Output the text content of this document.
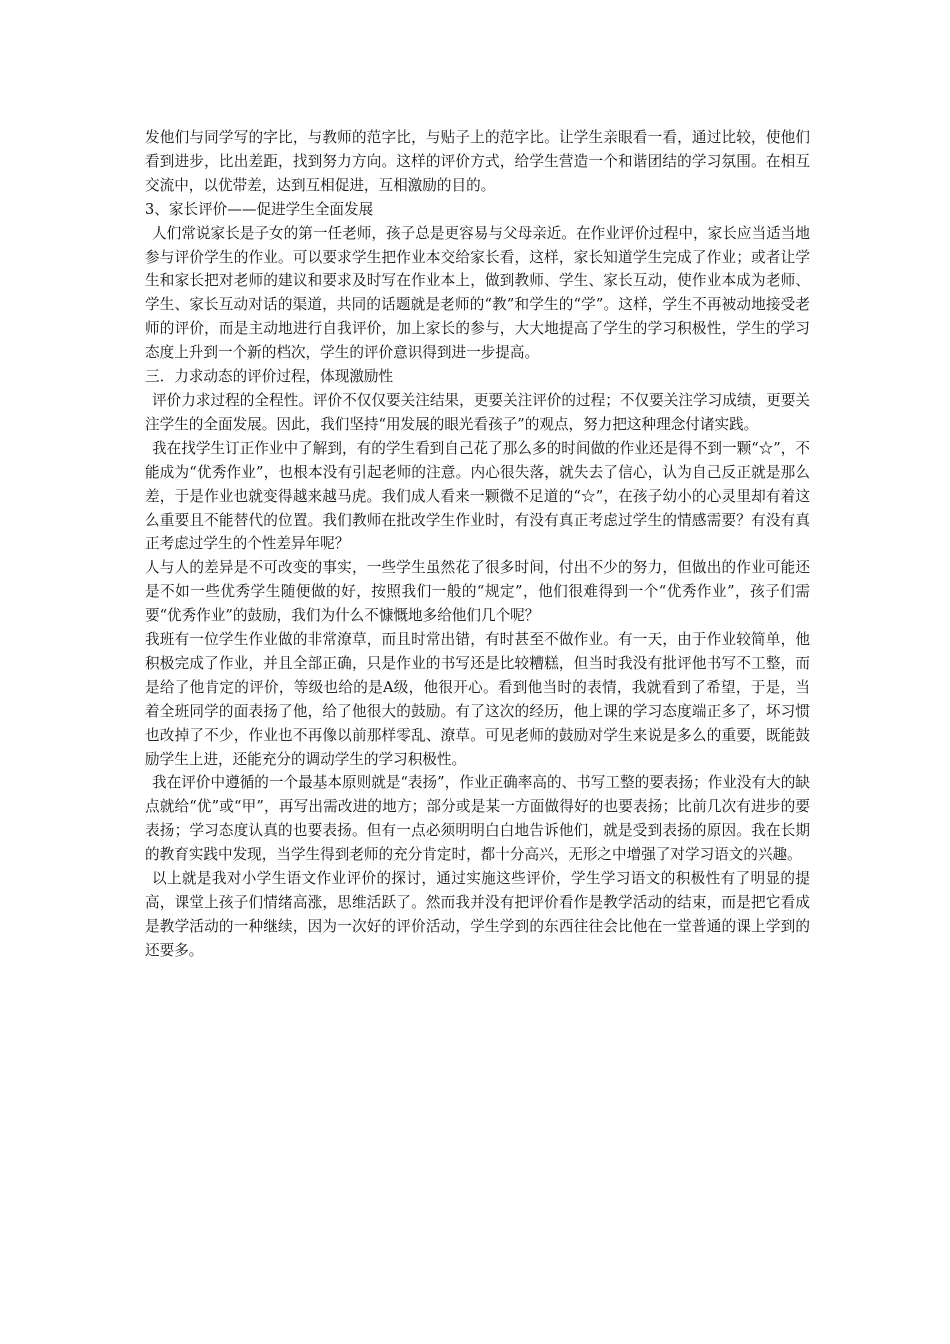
发他们与同学写的字比，与教师的范字比，与贴子上的范字比。让学生亲眼看一看，通过比较，使他们看到进步，比出差距，找到努力方向。这样的评价方式，给学生营造一个和谐团结的学习氛围。在相互交流中，以优带差，达到互相促进，互相激励的目的。

3、家长评价——促进学生全面发展

人们常说家长是子女的第一任老师，孩子总是更容易与父母亲近。在作业评价过程中，家长应当适当地参与评价学生的作业。可以要求学生把作业本交给家长看，这样，家长知道学生完成了作业；或者让学生和家长把对老师的建议和要求及时写在作业本上，做到教师、学生、家长互动，使作业本成为老师、学生、家长互动对话的渠道，共同的话题就是老师的“教”和学生的“学”。这样，学生不再被动地接受老师的评价，而是主动地进行自我评价，加上家长的参与，大大地提高了学生的学习积极性，学生的学习态度上升到一个新的档次，学生的评价意识得到进一步提高。

三．力求动态的评价过程，体现激励性

评价力求过程的全程性。评价不仅仅要关注结果，更要关注评价的过程；不仅要关注学习成绩，更要关注学生的全面发展。因此，我们坚持“用发展的眼光看孩子”的观点，努力把这种理念付诸实践。

我在找学生订正作业中了解到，有的学生看到自己花了那么多的时间做的作业还是得不到一颗“☆”，不能成为“优秀作业”，也根本没有引起老师的注意。内心很失落，就失去了信心，认为自己反正就是那么差，于是作业也就变得越来越马虎。我们成人看来一颗微不足道的“☆”，在孩子幼小的心灵里却有着这么重要且不能替代的位置。我们教师在批改学生作业时，有没有真正考虑过学生的情感需要？有没有真正考虑过学生的个性差异年呢？

人与人的差异是不可改变的事实，一些学生虽然花了很多时间，付出不少的努力，但做出的作业可能还是不如一些优秀学生随便做的好，按照我们一般的“规定”，他们很难得到一个“优秀作业”，孩子们需要“优秀作业”的鼓励，我们为什么不慷慨地多给他们几个呢？

我班有一位学生作业做的非常潦草，而且时常出错，有时甚至不做作业。有一天，由于作业较简单，他积极完成了作业，并且全部正确，只是作业的书写还是比较糟糕，但当时我没有批评他书写不工整，而是给了他肯定的评价，等级也给的是A级，他很开心。看到他当时的表情，我就看到了希望，于是，当着全班同学的面表扬了他，给了他很大的鼓励。有了这次的经历，他上课的学习态度端正多了，坏习惯也改掉了不少，作业也不再像以前那样零乱、潦草。可见老师的鼓励对学生来说是多么的重要，既能鼓励学生上进，还能充分的调动学生的学习积极性。

我在评价中遵循的一个最基本原则就是“表扬”，作业正确率高的、书写工整的要表扬；作业没有大的缺点就给“优”或“甲”，再写出需改进的地方；部分或是某一方面做得好的也要表扬；比前几次有进步的要表扬；学习态度认真的也要表扬。但有一点必须明明白白地告诉他们，就是受到表扬的原因。我在长期的教育实践中发现，当学生得到老师的充分肯定时，都十分高兴，无形之中增强了对学习语文的兴趣。

以上就是我对小学生语文作业评价的探讨，通过实施这些评价，学生学习语文的积极性有了明显的提高，课堂上孩子们情绪高涨，思维活跃了。然而我并没有把评价看作是教学活动的结束，而是把它看成是教学活动的一种继续，因为一次好的评价活动，学生学到的东西往往会比他在一堂普通的课上学到的还要多。
